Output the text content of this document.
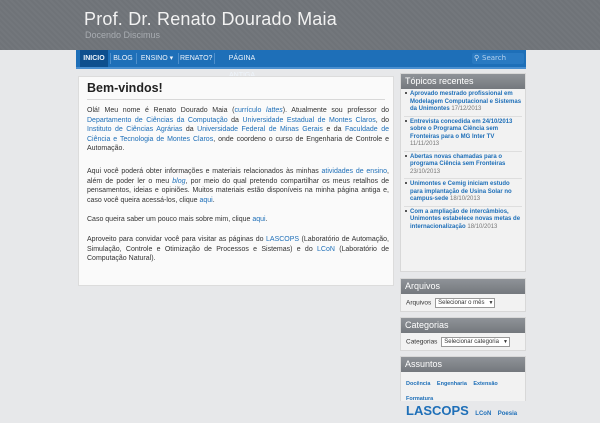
Prof. Dr. Renato Dourado Maia
Docendo Discimus
INICIO	BLOG	ENSINO ▾ RENATO?	PÁGINA	⚲ Search
Bem-vindos!

Olá! Meu nome é Renato Dourado Maia (currículo lattes). Atualmente sou professor do Departamento de Ciências da Computação da Universidade Estadual de Montes Claros, do Instituto de Ciências Agrárias da Universidade Federal de Minas Gerais e da Faculdade de Ciência e Tecnologia de Montes Claros, onde coordeno o curso de Engenharia de Controle e Automação.

Aqui você poderá obter informações e materiais relacionados às minhas atividades de ensino, além de poder ler o meu blog, por meio do qual pretendo compartilhar os meus retalhos de pensamentos, ideias e opiniões. Muitos materiais estão disponíveis na minha página antiga e, caso você queira acessá-los, clique aqui.

Caso queira saber um pouco mais sobre mim, clique aqui.

Aproveito para convidar você para visitar as páginas do LASCOPS (Laboratório de Automação, Simulação, Controle e Otimização de Processos e Sistemas) e do LCoN (Laboratório de Computação Natural).

Tópicos recentes
Aprovado mestrado profissional em Modelagem Computacional e Sistemas da Unimontes 17/12/2013
Entrevista concedida em 24/10/2013 sobre o Programa Ciência sem Fronteiras para o MG Inter TV 11/11/2013
Abertas novas chamadas para o programa Ciência sem Fronteiras 23/10/2013
Unimontes e Cemig iniciam estudo para implantação de Usina Solar no campus-sede 18/10/2013
Com a ampliação de intercâmbios, Unimontes estabelece novas metas de internacionalização 18/10/2013
Arquivos
Arquivos Selecionar o mês ▼
Categorias
Categorias Selecionar categoria ▼
Assuntos
Docência Engenharia Extensão Formatura
LASCOPS LCoN Poesia
